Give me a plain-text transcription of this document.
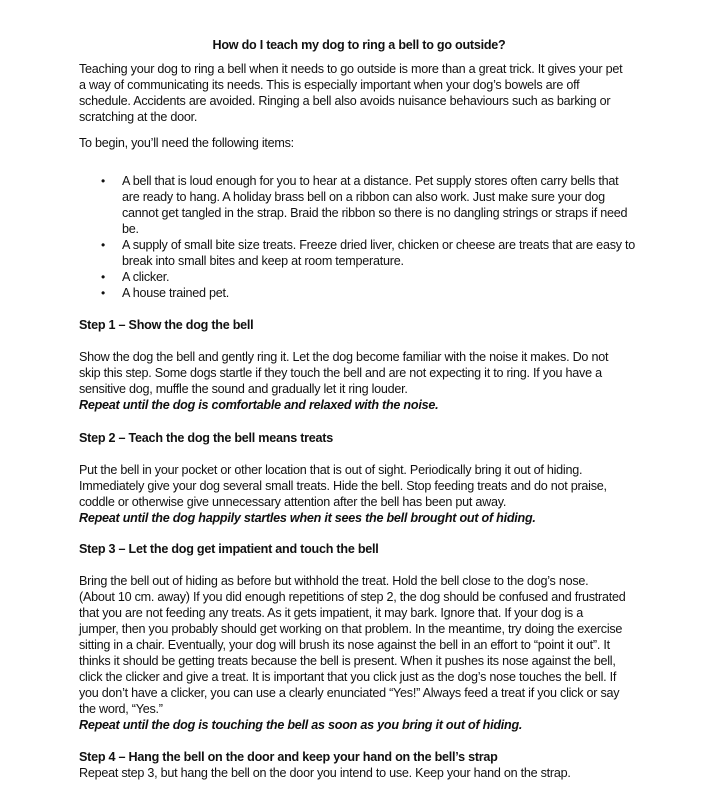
How do I teach my dog to ring a bell to go outside?
Teaching your dog to ring a bell when it needs to go outside is more than a great trick. It gives your pet
a way of communicating its needs. This is especially important when your dog’s bowels are off
schedule. Accidents are avoided. Ringing a bell also avoids nuisance behaviours such as barking or
scratching at the door.
To begin, you’ll need the following items:
• A bell that is loud enough for you to hear at a distance. Pet supply stores often carry bells that
are ready to hang. A holiday brass bell on a ribbon can also work. Just make sure your dog
cannot get tangled in the strap. Braid the ribbon so there is no dangling strings or straps if need
be.
• A supply of small bite size treats. Freeze dried liver, chicken or cheese are treats that are easy to
break into small bites and keep at room temperature.
• A clicker.
• A house trained pet.
Step 1 – Show the dog the bell
Show the dog the bell and gently ring it. Let the dog become familiar with the noise it makes. Do not
skip this step. Some dogs startle if they touch the bell and are not expecting it to ring. If you have a
sensitive dog, muffle the sound and gradually let it ring louder.
Repeat until the dog is comfortable and relaxed with the noise.
Step 2 – Teach the dog the bell means treats
Put the bell in your pocket or other location that is out of sight. Periodically bring it out of hiding.
Immediately give your dog several small treats. Hide the bell. Stop feeding treats and do not praise,
coddle or otherwise give unnecessary attention after the bell has been put away.
Repeat until the dog happily startles when it sees the bell brought out of hiding.
Step 3 – Let the dog get impatient and touch the bell
Bring the bell out of hiding as before but withhold the treat. Hold the bell close to the dog’s nose.
(About 10 cm. away) If you did enough repetitions of step 2, the dog should be confused and frustrated
that you are not feeding any treats. As it gets impatient, it may bark. Ignore that. If your dog is a
jumper, then you probably should get working on that problem. In the meantime, try doing the exercise
sitting in a chair. Eventually, your dog will brush its nose against the bell in an effort to “point it out”. It
thinks it should be getting treats because the bell is present. When it pushes its nose against the bell,
click the clicker and give a treat. It is important that you click just as the dog’s nose touches the bell. If
you don’t have a clicker, you can use a clearly enunciated “Yes!” Always feed a treat if you click or say
the word, “Yes.”
Repeat until the dog is touching the bell as soon as you bring it out of hiding.
Step 4 – Hang the bell on the door and keep your hand on the bell’s strap
Repeat step 3, but hang the bell on the door you intend to use. Keep your hand on the strap.
